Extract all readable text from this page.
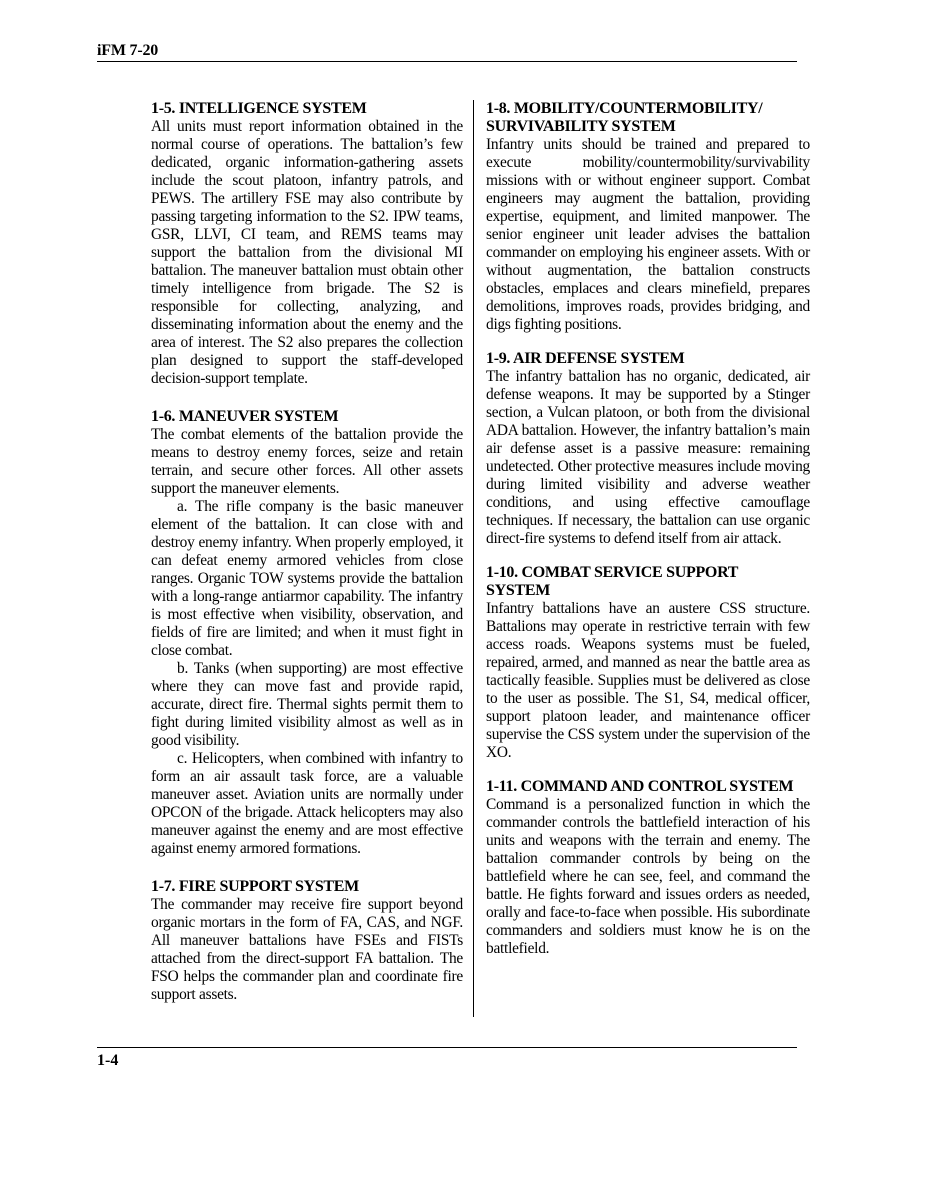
iFM 7-20
1-5. INTELLIGENCE SYSTEM

All units must report information obtained in the normal course of operations. The battalion’s few dedicated, organic information-gathering assets include the scout platoon, infantry patrols, and PEWS. The artillery FSE may also contribute by passing targeting information to the S2. IPW teams, GSR, LLVI, CI team, and REMS teams may support the battalion from the divisional MI battalion. The maneuver battalion must obtain other timely intelligence from brigade. The S2 is responsible for collecting, analyzing, and disseminating information about the enemy and the area of interest. The S2 also prepares the collection plan designed to support the staff-developed decision-support template.

1-6. MANEUVER SYSTEM

The combat elements of the battalion provide the means to destroy enemy forces, seize and retain terrain, and secure other forces. All other assets support the maneuver elements.

a. The rifle company is the basic maneuver element of the battalion. It can close with and destroy enemy infantry. When properly employed, it can defeat enemy armored vehicles from close ranges. Organic TOW systems provide the battalion with a long-range antiarmor capability. The infantry is most effective when visibility, observation, and fields of fire are limited; and when it must fight in close combat.

b. Tanks (when supporting) are most effective where they can move fast and provide rapid, accurate, direct fire. Thermal sights permit them to fight during limited visibility almost as well as in good visibility.

c. Helicopters, when combined with infantry to form an air assault task force, are a valuable maneuver asset. Aviation units are normally under OPCON of the brigade. Attack helicopters may also maneuver against the enemy and are most effective against enemy armored formations.

1-7. FIRE SUPPORT SYSTEM

The commander may receive fire support beyond organic mortars in the form of FA, CAS, and NGF. All maneuver battalions have FSEs and FISTs attached from the direct-support FA battalion. The FSO helps the commander plan and coordinate fire support assets.

1-8. MOBILITY/COUNTERMOBILITY/
SURVIVABILITY SYSTEM

Infantry units should be trained and prepared to execute mobility/countermobility/survivability missions with or without engineer support. Combat engineers may augment the battalion, providing expertise, equipment, and limited manpower. The senior engineer unit leader advises the battalion commander on employing his engineer assets. With or without augmentation, the battalion constructs obstacles, emplaces and clears minefield, prepares demolitions, improves roads, provides bridging, and digs fighting positions.

1-9. AIR DEFENSE SYSTEM

The infantry battalion has no organic, dedicated, air defense weapons. It may be supported by a Stinger section, a Vulcan platoon, or both from the divisional ADA battalion. However, the infantry battalion’s main air defense asset is a passive measure: remaining undetected. Other protective measures include moving during limited visibility and adverse weather conditions, and using effective camouflage techniques. If necessary, the battalion can use organic direct-fire systems to defend itself from air attack.

1-10. COMBAT SERVICE SUPPORT
SYSTEM

Infantry battalions have an austere CSS structure. Battalions may operate in restrictive terrain with few access roads. Weapons systems must be fueled, repaired, armed, and manned as near the battle area as tactically feasible. Supplies must be delivered as close to the user as possible. The S1, S4, medical officer, support platoon leader, and maintenance officer supervise the CSS system under the supervision of the XO.

1-11. COMMAND AND CONTROL SYSTEM

Command is a personalized function in which the commander controls the battlefield interaction of his units and weapons with the terrain and enemy. The battalion commander controls by being on the battlefield where he can see, feel, and command the battle. He fights forward and issues orders as needed, orally and face-to-face when possible. His subordinate commanders and soldiers must know he is on the battlefield.

1-4
